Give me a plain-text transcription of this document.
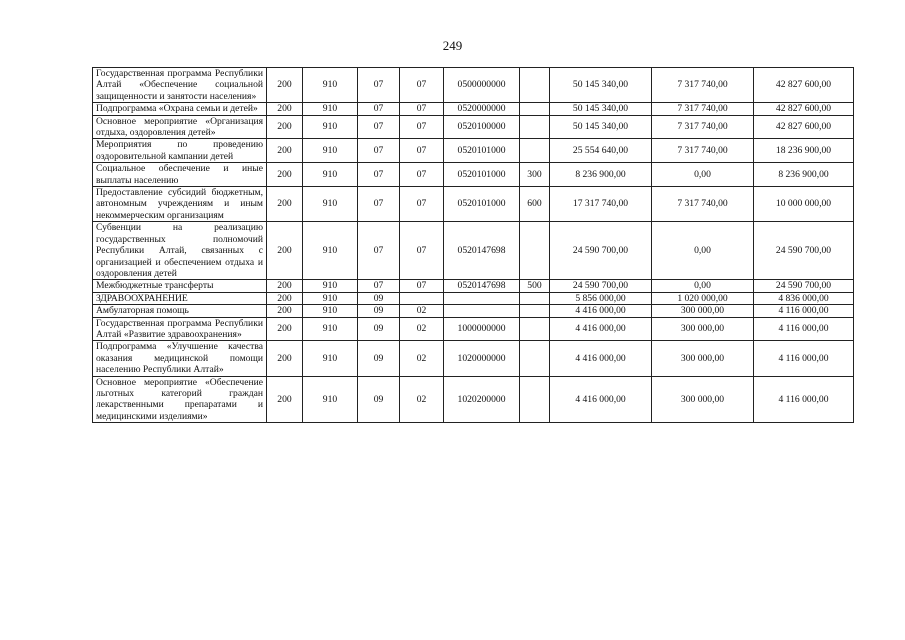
249
Государственная программа Республики Алтай «Обеспечение социальной защищенности и занятости населения»	200	910	07	07	0500000000		50 145 340,00	7 317 740,00	42 827 600,00
Подпрограмма «Охрана семьи и детей»	200	910	07	07	0520000000		50 145 340,00	7 317 740,00	42 827 600,00
Основное мероприятие «Организация отдыха, оздоровления детей»	200	910	07	07	0520100000		50 145 340,00	7 317 740,00	42 827 600,00
Мероприятия по проведению оздоровительной кампании детей	200	910	07	07	0520101000		25 554 640,00	7 317 740,00	18 236 900,00
Социальное обеспечение и иные выплаты населению	200	910	07	07	0520101000	300	8 236 900,00	0,00	8 236 900,00
Предоставление субсидий бюджетным, автономным учреждениям и иным некоммерческим организациям	200	910	07	07	0520101000	600	17 317 740,00	7 317 740,00	10 000 000,00
Субвенции на реализацию государственных полномочий Республики Алтай, связанных с организацией и обеспечением отдыха и оздоровления детей	200	910	07	07	0520147698		24 590 700,00	0,00	24 590 700,00
Межбюджетные трансферты	200	910	07	07	0520147698	500	24 590 700,00	0,00	24 590 700,00
ЗДРАВООХРАНЕНИЕ	200	910	09				5 856 000,00	1 020 000,00	4 836 000,00
Амбулаторная помощь	200	910	09	02			4 416 000,00	300 000,00	4 116 000,00
Государственная программа Республики Алтай «Развитие здравоохранения»	200	910	09	02	1000000000		4 416 000,00	300 000,00	4 116 000,00
Подпрограмма «Улучшение качества оказания медицинской помощи населению Республики Алтай»	200	910	09	02	1020000000		4 416 000,00	300 000,00	4 116 000,00
Основное мероприятие «Обеспечение льготных категорий граждан лекарственными препаратами и медицинскими изделиями»	200	910	09	02	1020200000		4 416 000,00	300 000,00	4 116 000,00
